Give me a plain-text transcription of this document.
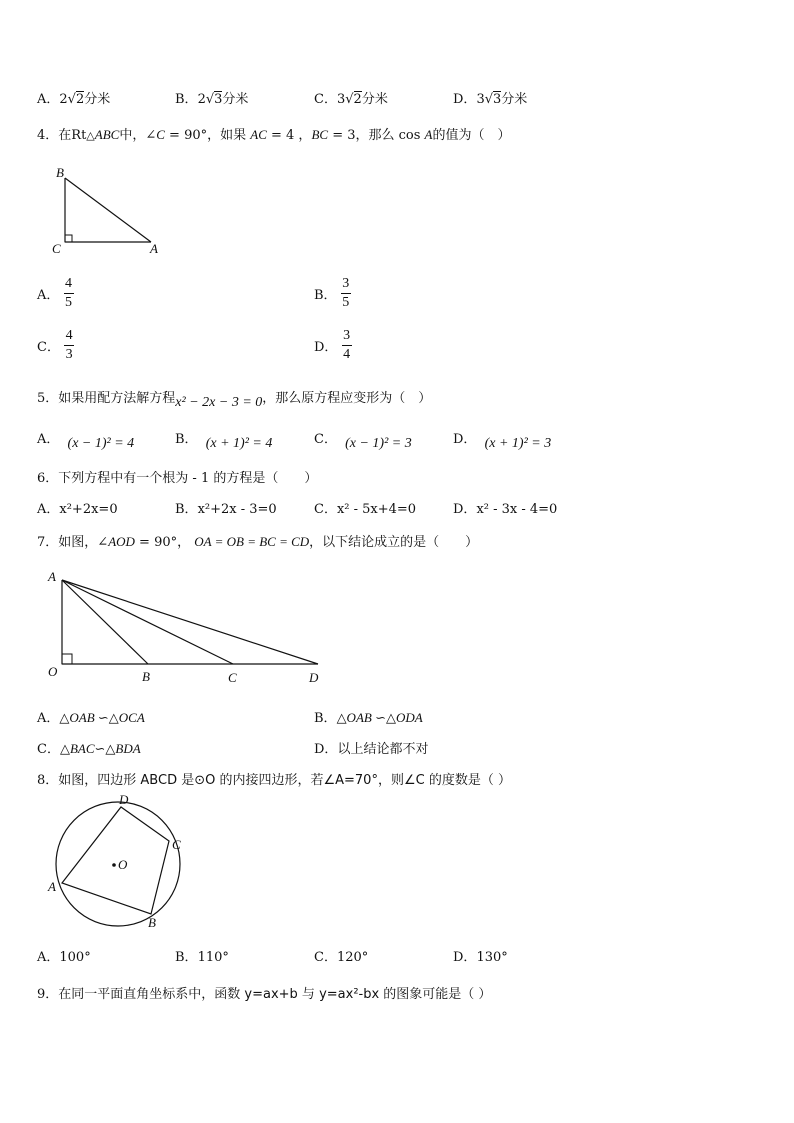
A．2√2分米	B．2√3分米	C．3√2分米	D．3√3分米
4．在Rt△ABC中，∠C = 90°，如果 AC = 4 ，BC = 3，那么 cos A的值为（　）
B
C	A
A． $\frac{4}{5}$	B． $\frac{3}{5}$
C． $\frac{4}{3}$	D． $\frac{3}{4}$
5．如果用配方法解方程x² − 2x − 3 = 0，那么原方程应变形为（　）
A． (x − 1)² = 4	B． (x + 1)² = 4	C． (x − 1)² = 3	D． (x + 1)² = 3
6．下列方程中有一个根为 - 1 的方程是（　　）
A．x²+2x=0	B．x²+2x - 3=0	C．x² - 5x+4=0	D．x² - 3x - 4=0
7．如图，∠AOD = 90°， OA = OB = BC = CD，以下结论成立的是（　　）
A
O	B	C	D
A．△OAB ∽△OCA	B．△OAB ∽△ODA
C．△BAC∽△BDA	D．以上结论都不对
8．如图，四边形 ABCD 是⊙O 的内接四边形，若∠A=70°，则∠C 的度数是（ ）
D
C
O
A
B
A．100°	B．110°	C．120°	D．130°
9．在同一平面直角坐标系中，函数 y=ax+b 与 y=ax²-bx 的图象可能是（ ）
